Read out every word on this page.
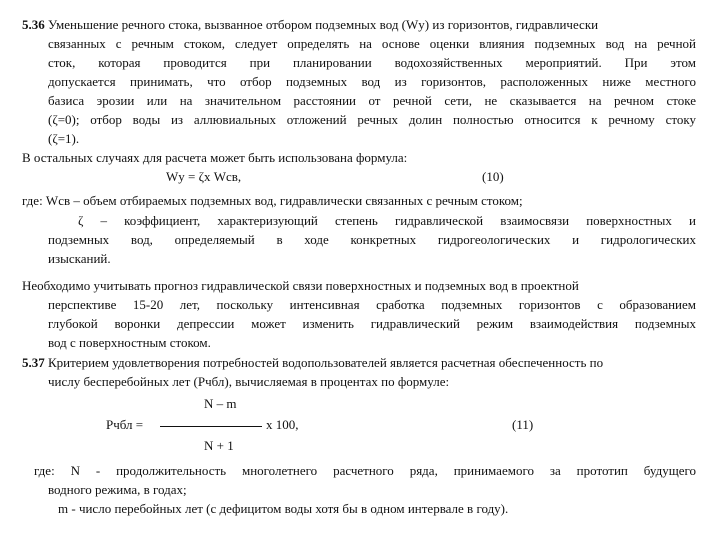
5.36 Уменьшение речного стока, вызванное отбором подземных вод (Wу) из горизонтов, гидравлически
связанных с речным стоком, следует определять на основе оценки влияния подземных вод на речной
сток, которая проводится при планировании водохозяйственных мероприятий. При этом
допускается принимать, что отбор подземных вод из горизонтов, расположенных ниже местного
базиса эрозии или на значительном расстоянии от речной сети, не сказывается на речном стоке
(ζ=0); отбор воды из аллювиальных отложений речных долин полностью относится к речному стоку
(ζ=1).
В остальных случаях для расчета может быть использована формула:
Wу = ζх Wсв,	(10)
где: Wсв – объем отбираемых подземных вод, гидравлически связанных с речным стоком;
ζ – коэффициент, характеризующий степень гидравлической взаимосвязи поверхностных и
подземных вод, определяемый в ходе конкретных гидрогеологических и гидрологических
изысканий.
Необходимо учитывать прогноз гидравлической связи поверхностных и подземных вод в проектной
перспективе 15-20 лет, поскольку интенсивная сработка подземных горизонтов с образованием
глубокой воронки депрессии может изменить гидравлический режим взаимодействия подземных
вод с поверхностным стоком.
5.37 Критерием удовлетворения потребностей водопользователей является расчетная обеспеченность по
числу бесперебойных лет (Рчбл), вычисляемая в процентах по формуле:
N – m
Рчбл =	х 100,	(11)
N + 1
где: N - продолжительность многолетнего расчетного ряда, принимаемого за прототип будущего
водного режима, в годах;
m - число перебойных лет (с дефицитом воды хотя бы в одном интервале в году).
